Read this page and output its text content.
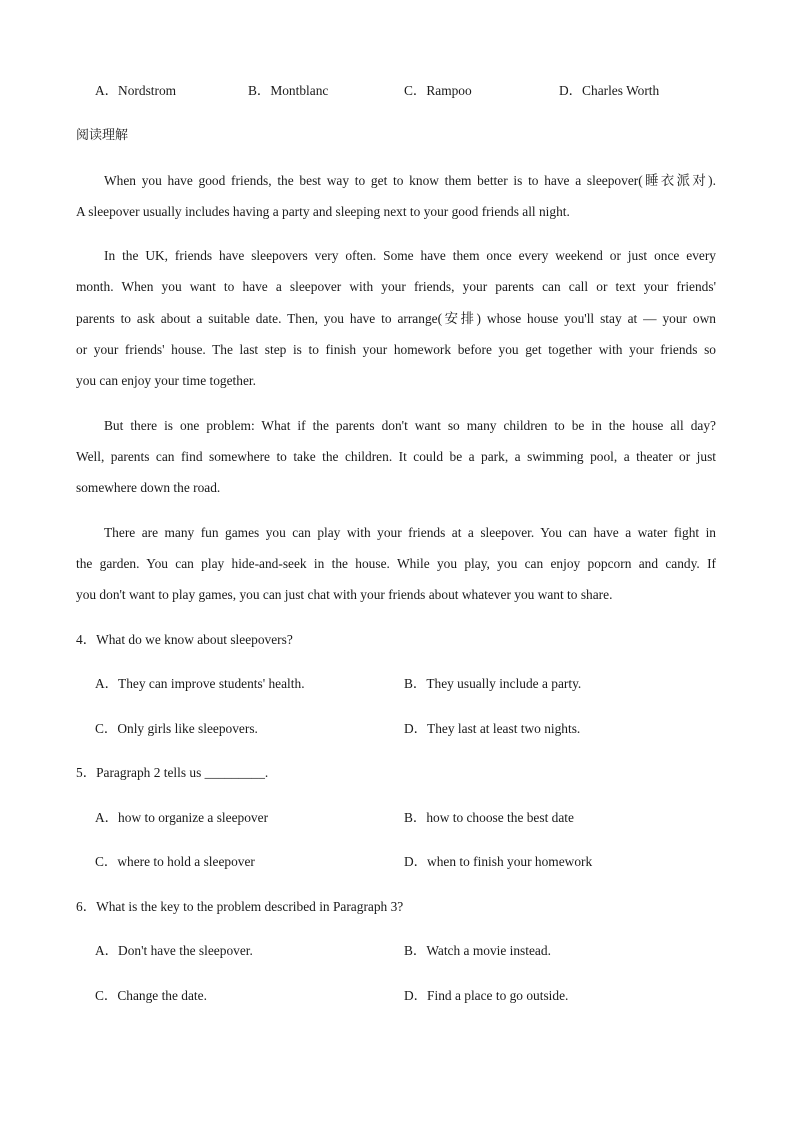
A．Nordstrom	B．Montblanc	C．Rampoo	D．Charles Worth
阅读理解
When you have good friends, the best way to get to know them better is to have a sleepover(睡衣派对).
A sleepover usually includes having a party and sleeping next to your good friends all night.
In the UK, friends have sleepovers very often. Some have them once every weekend or just once every
month. When you want to have a sleepover with your friends, your parents can call or text your friends'
parents to ask about a suitable date. Then, you have to arrange(安排) whose house you'll stay at — your own
or your friends' house. The last step is to finish your homework before you get together with your friends so
you can enjoy your time together.
But there is one problem: What if the parents don't want so many children to be in the house all day?
Well, parents can find somewhere to take the children. It could be a park, a swimming pool, a theater or just
somewhere down the road.
There are many fun games you can play with your friends at a sleepover. You can have a water fight in
the garden. You can play hide-and-seek in the house. While you play, you can enjoy popcorn and candy. If
you don't want to play games, you can just chat with your friends about whatever you want to share.
4．What do we know about sleepovers?
A．They can improve students' health.	B．They usually include a party.
C．Only girls like sleepovers.	D．They last at least two nights.
5．Paragraph 2 tells us _________.
A．how to organize a sleepover	B．how to choose the best date
C．where to hold a sleepover	D．when to finish your homework
6．What is the key to the problem described in Paragraph 3?
A．Don't have the sleepover.	B．Watch a movie instead.
C．Change the date.	D．Find a place to go outside.
